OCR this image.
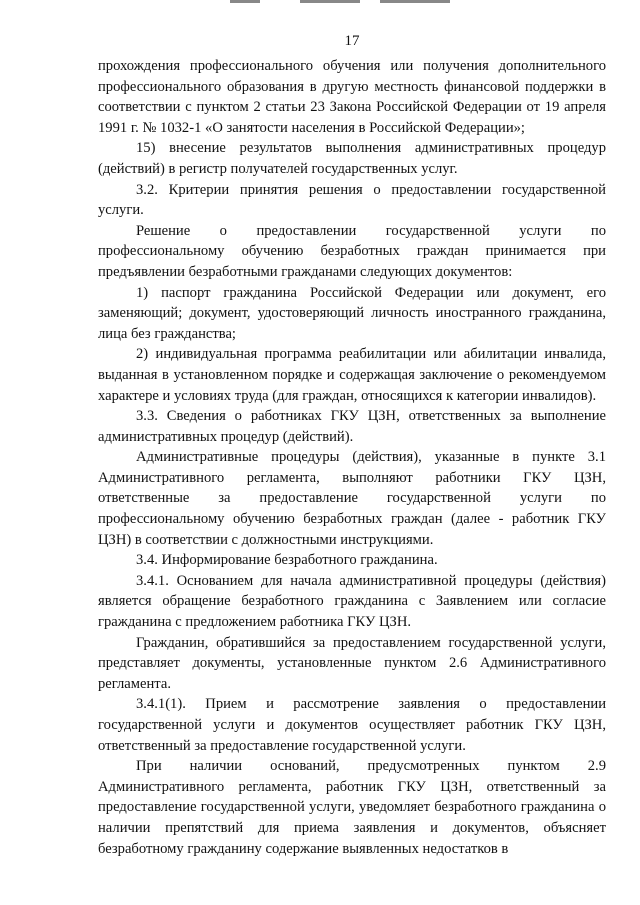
17

прохождения профессионального обучения или получения дополнительного профессионального образования в другую местность финансовой поддержки в соответствии с пунктом 2 статьи 23 Закона Российской Федерации от 19 апреля 1991 г. № 1032-1 «О занятости населения в Российской Федерации»;

15) внесение результатов выполнения административных процедур (действий) в регистр получателей государственных услуг.

3.2. Критерии принятия решения о предоставлении государственной услуги.

Решение о предоставлении государственной услуги по профессиональному обучению безработных граждан принимается при предъявлении безработными гражданами следующих документов:

1) паспорт гражданина Российской Федерации или документ, его заменяющий; документ, удостоверяющий личность иностранного гражданина, лица без гражданства;

2) индивидуальная программа реабилитации или абилитации инвалида, выданная в установленном порядке и содержащая заключение о рекомендуемом характере и условиях труда (для граждан, относящихся к категории инвалидов).

3.3. Сведения о работниках ГКУ ЦЗН, ответственных за выполнение административных процедур (действий).

Административные процедуры (действия), указанные в пункте 3.1 Административного регламента, выполняют работники ГКУ ЦЗН, ответственные за предоставление государственной услуги по профессиональному обучению безработных граждан (далее - работник ГКУ ЦЗН) в соответствии с должностными инструкциями.

3.4. Информирование безработного гражданина.

3.4.1. Основанием для начала административной процедуры (действия) является обращение безработного гражданина с Заявлением или согласие гражданина с предложением работника ГКУ ЦЗН.

Гражданин, обратившийся за предоставлением государственной услуги, представляет документы, установленные пунктом 2.6 Административного регламента.

3.4.1(1). Прием и рассмотрение заявления о предоставлении государственной услуги и документов осуществляет работник ГКУ ЦЗН, ответственный за предоставление государственной услуги.

При наличии оснований, предусмотренных пунктом 2.9 Административного регламента, работник ГКУ ЦЗН, ответственный за предоставление государственной услуги, уведомляет безработного гражданина о наличии препятствий для приема заявления и документов, объясняет безработному гражданину содержание выявленных недостатков в
